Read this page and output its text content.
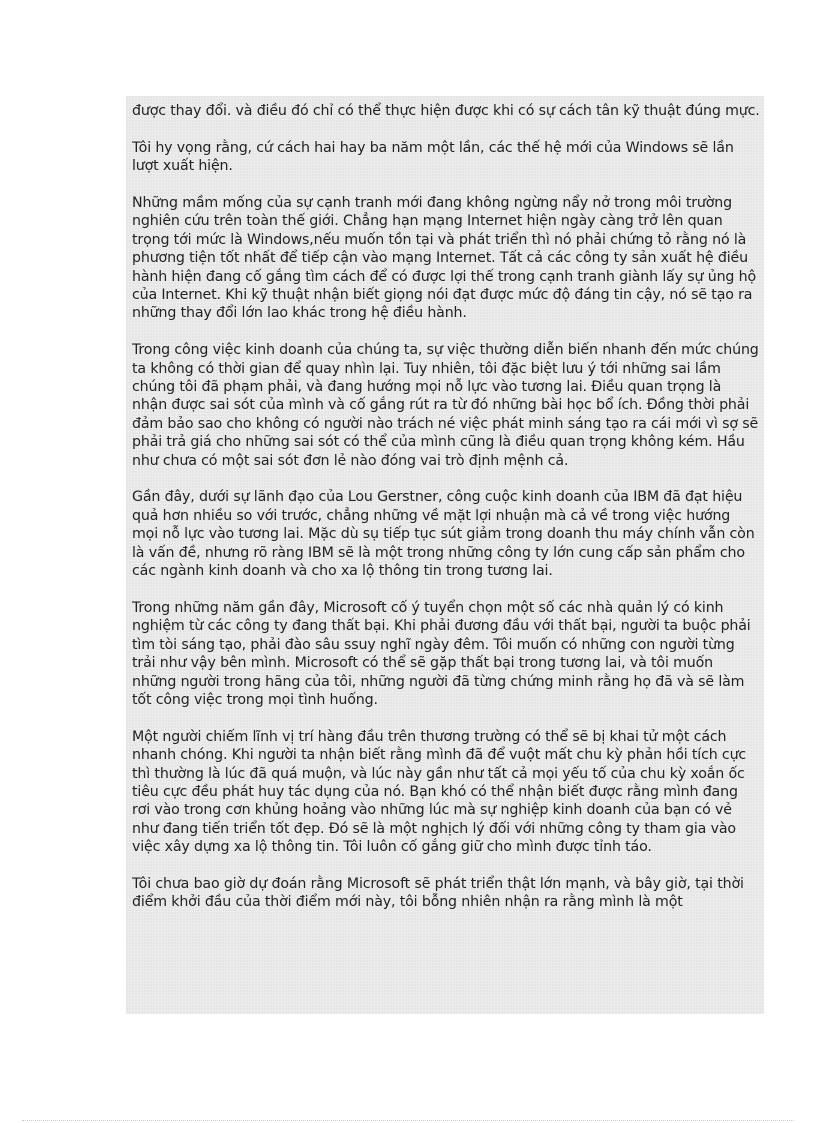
được thay đổi. và điều đó chỉ có thể thực hiện được khi có sự cách tân kỹ thuật đúng mực.

Tôi hy vọng rằng, cứ cách hai hay ba năm một lần, các thế hệ mới của Windows sẽ lần lượt xuất hiện.

Những mầm mống của sự cạnh tranh mới đang không ngừng nẩy nở trong môi trường nghiên cứu trên toàn thế giới. Chẳng hạn mạng Internet hiện ngày càng trở lên quan trọng tới mức là Windows,nếu muốn tồn tại và phát triển thì nó phải chứng tỏ rằng nó là phương tiện tốt nhất để tiếp cận vào mạng Internet. Tất cả các công ty sản xuất hệ điều hành hiện đang cố gắng tìm cách để có được lợi thế trong cạnh tranh giành lấy sự ủng hộ của Internet. Khi kỹ thuật nhận biết giọng nói đạt được mức độ đáng tin cậy, nó sẽ tạo ra những thay đổi lớn lao khác trong hệ điều hành.

Trong công việc kinh doanh của chúng ta, sự việc thường diễn biến nhanh đến mức chúng ta không có thời gian để quay nhìn lại. Tuy nhiên, tôi đặc biệt lưu ý tới những sai lầm chúng tôi đã phạm phải, và đang hướng mọi nỗ lực vào tương lai. Điều quan trọng là nhận được sai sót của mình và cố gắng rút ra từ đó những bài học bổ ích. Đồng thời phải đảm bảo sao cho không có người nào trách né việc phát minh sáng tạo ra cái mới vì sợ sẽ phải trả giá cho những sai sót có thể của mình cũng là điều quan trọng không kém. Hầu như chưa có một sai sót đơn lẻ nào đóng vai trò định mệnh cả.

Gần đây, dưới sự lãnh đạo của Lou Gerstner, công cuộc kinh doanh của IBM đã đạt hiệu quả hơn nhiều so với trước, chẳng những về mặt lợi nhuận mà cả về trong việc hướng mọi nỗ lực vào tương lai. Mặc dù sụ tiếp tục sút giảm trong doanh thu máy chính vẫn còn là vấn đề, nhưng rõ ràng IBM sẽ là một trong những công ty lớn cung cấp sản phẩm cho các ngành kinh doanh và cho xa lộ thông tin trong tương lai.

Trong những năm gần đây, Microsoft cố ý tuyển chọn một số các nhà quản lý có kinh nghiệm từ các công ty đang thất bại. Khi phải đương đầu với thất bại, người ta buộc phải tìm tòi sáng tạo, phải đào sâu ssuy nghĩ ngày đêm. Tôi muốn có những con người từng trải như vậy bên mình. Microsoft có thể sẽ gặp thất bại trong tương lai, và tôi muốn những người trong hãng của tôi, những người đã từng chứng minh rằng họ đã và sẽ làm tốt công việc trong mọi tình huống.

Một người chiếm lĩnh vị trí hàng đầu trên thương trường có thể sẽ bị khai tử một cách nhanh chóng. Khi người ta nhận biết rằng mình đã để vuột mất chu kỳ phản hồi tích cực thì thường là lúc đã quá muộn, và lúc này gần như tất cả mọi yếu tố của chu kỳ xoắn ốc tiêu cực đều phát huy tác dụng của nó. Bạn khó có thể nhận biết được rằng mình đang rơi vào trong cơn khủng hoảng vào những lúc mà sự nghiệp kinh doanh của bạn có vẻ như đang tiến triển tốt đẹp. Đó sẽ là một nghịch lý đối với những công ty tham gia vào việc xây dựng xa lộ thông tin. Tôi luôn cố gắng giữ cho mình được tỉnh táo.

Tôi chưa bao giờ dự đoán rằng Microsoft sẽ phát triển thật lớn mạnh, và bây giờ, tại thời điểm khởi đầu của thời điểm mới này, tôi bỗng nhiên nhận ra rằng mình là một
